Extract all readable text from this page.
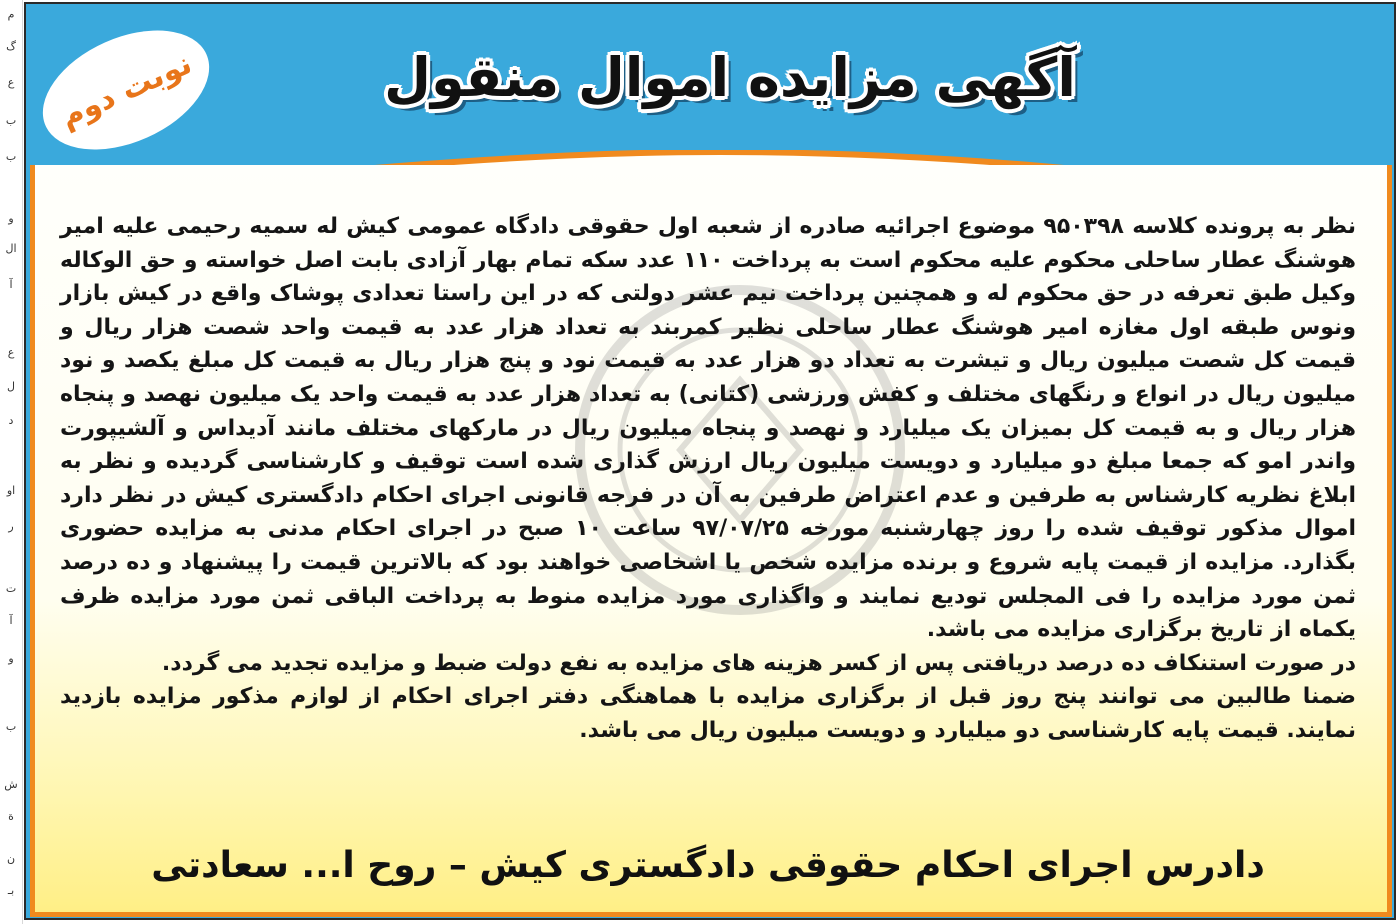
م
گ
ع
ب
ب
و
ال
آ
ع
ل
د
او
ر
ت
آ
و
ب
ش
ة
ن
بـ
نوبت دوم	آگهی مزایده اموال منقول

نظر به پرونده کلاسه ۹۵۰۳۹۸ موضوع اجرائیه صادره از شعبه اول حقوقی دادگاه عمومی کیش له سمیه رحیمی علیه امیر هوشنگ عطار ساحلی محکوم علیه محکوم است به پرداخت ۱۱۰ عدد سکه تمام بهار آزادی بابت اصل خواسته و حق الوکاله وکیل طبق تعرفه در حق محکوم له و همچنین پرداخت نیم عشر دولتی که در این راستا تعدادی پوشاک واقع در کیش بازار ونوس طبقه اول مغازه امیر هوشنگ عطار ساحلی نظیر کمربند به تعداد هزار عدد به قیمت واحد شصت هزار ریال و قیمت کل شصت میلیون ریال و تیشرت به تعداد دو هزار عدد به قیمت نود و پنج هزار ریال به قیمت کل مبلغ یکصد و نود میلیون ریال در انواع و رنگهای مختلف و کفش ورزشی (کتانی) به تعداد هزار عدد به قیمت واحد یک میلیون نهصد و پنجاه هزار ریال و به قیمت کل بمیزان یک میلیارد و نهصد و پنجاه میلیون ریال در مارکهای مختلف مانند آدیداس و آلشیپورت واندر امو که جمعا مبلغ دو میلیارد و دویست میلیون ریال ارزش گذاری شده است توقیف و کارشناسی گردیده و نظر به ابلاغ نظریه کارشناس به طرفین و عدم اعتراض طرفین به آن در فرجه قانونی اجرای احکام دادگستری کیش در نظر دارد اموال مذکور توقیف شده را روز چهارشنبه مورخه ۹۷/۰۷/۲۵ ساعت ۱۰ صبح در اجرای احکام مدنی به مزایده حضوری بگذارد. مزایده از قیمت پایه شروع و برنده مزایده شخص یا اشخاصی خواهند بود که بالاترین قیمت را پیشنهاد و ده درصد ثمن مورد مزایده را فی المجلس تودیع نمایند و واگذاری مورد مزایده منوط به پرداخت الباقی ثمن مورد مزایده ظرف یکماه از تاریخ برگزاری مزایده می باشد.

در صورت استنکاف ده درصد دریافتی پس از کسر هزینه های مزایده به نفع دولت ضبط و مزایده تجدید می گردد.

ضمنا طالبین می توانند پنج روز قبل از برگزاری مزایده با هماهنگی دفتر اجرای احکام از لوازم مذکور مزایده بازدید نمایند. قیمت پایه کارشناسی دو میلیارد و دویست میلیون ریال می باشد.

دادرس اجرای احکام حقوقی دادگستری کیش – روح ا... سعادتی
